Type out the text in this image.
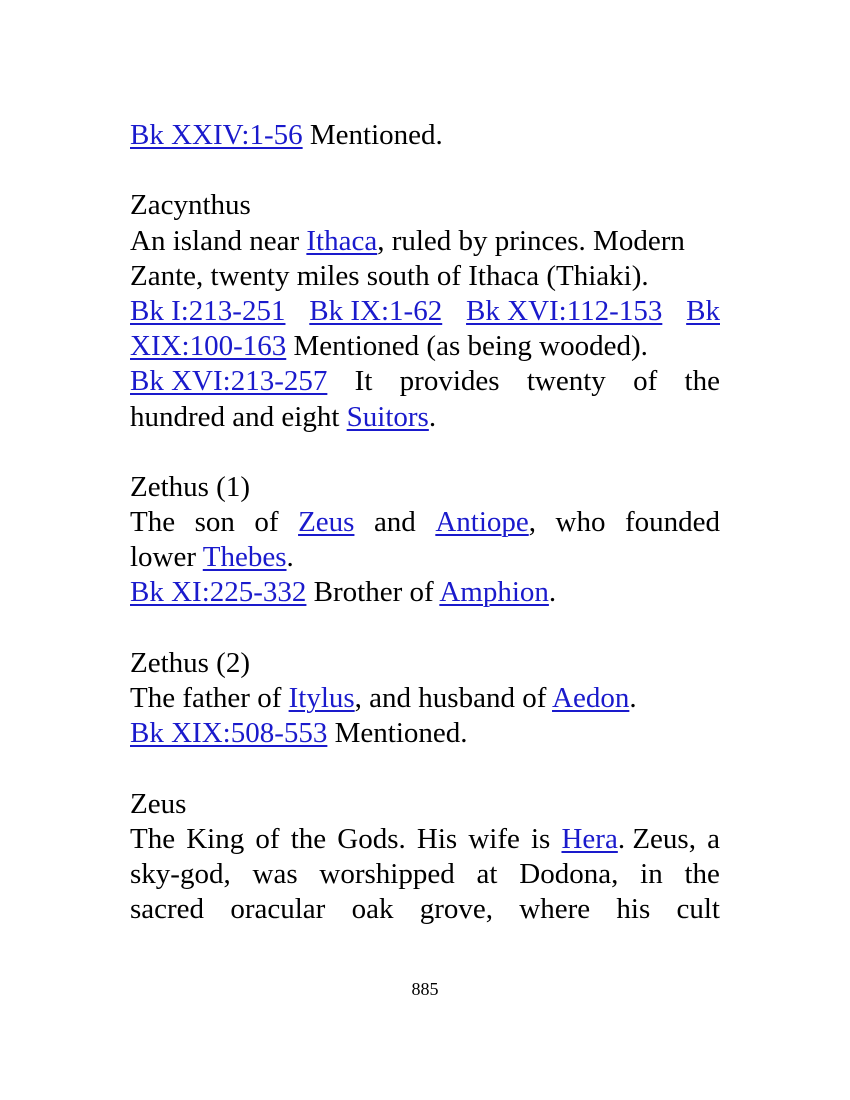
Bk XXIV:1-56 Mentioned.
Zacynthus
An island near Ithaca, ruled by princes. Modern
Zante, twenty miles south of Ithaca (Thiaki).
Bk I:213-251 Bk IX:1-62 Bk XVI:112-153 Bk
XIX:100-163 Mentioned (as being wooded).
Bk XVI:213-257 It provides twenty of the
hundred and eight Suitors.
Zethus (1)
The son of Zeus and Antiope, who founded
lower Thebes.
Bk XI:225-332 Brother of Amphion.
Zethus (2)
The father of Itylus, and husband of Aedon.
Bk XIX:508-553 Mentioned.
Zeus
The King of the Gods. His wife is Hera. Zeus, a
sky-god, was worshipped at Dodona, in the
sacred oracular oak grove, where his cult
885
